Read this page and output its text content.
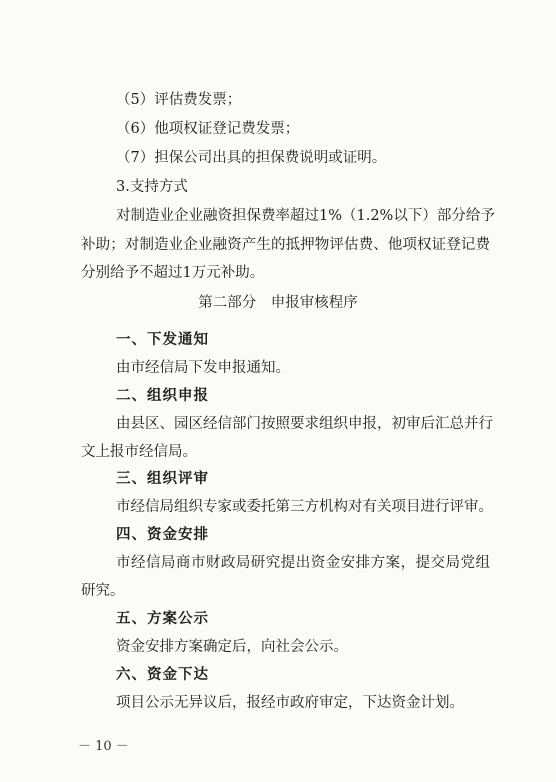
（5）评估费发票；
（6）他项权证登记费发票；
（7）担保公司出具的担保费说明或证明。
3.支持方式
对制造业企业融资担保费率超过1%（1.2%以下）部分给予
补助；对制造业企业融资产生的抵押物评估费、他项权证登记费
分别给予不超过1万元补助。
第二部分　申报审核程序
一、下发通知
由市经信局下发申报通知。
二、组织申报
由县区、园区经信部门按照要求组织申报，初审后汇总并行
文上报市经信局。
三、组织评审
市经信局组织专家或委托第三方机构对有关项目进行评审。
四、资金安排
市经信局商市财政局研究提出资金安排方案，提交局党组
研究。
五、方案公示
资金安排方案确定后，向社会公示。
六、资金下达
项目公示无异议后，报经市政府审定，下达资金计划。
－ 10 －
